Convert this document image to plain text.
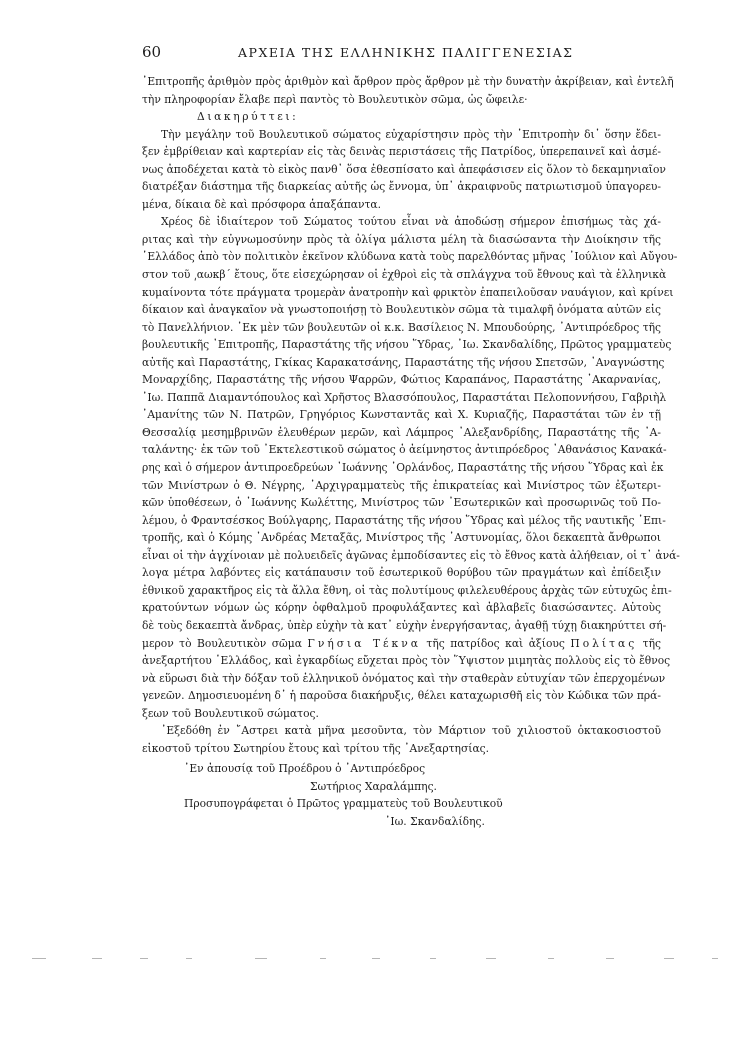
60	ΑΡΧΕΙΑ ΤΗΣ ΕΛΛΗΝΙΚΗΣ ΠΑΛΙΓΓΕΝΕΣΙΑΣ
᾿Επιτροπῆς ἀριθμὸν πρὸς ἀριθμὸν καὶ ἄρθρον πρὸς ἄρθρον μὲ τὴν δυνατὴν ἀκρίβειαν, καὶ ἐντελῆ
τὴν πληροφορίαν ἔλαβε περὶ παντὸς τὸ Βουλευτικὸν σῶμα, ὡς ὤφειλε·
Διακηρύττει:
Τὴν μεγάλην τοῦ Βουλευτικοῦ σώματος εὐχαρίστησιν πρὸς τὴν ᾿Επιτροπὴν δι᾿ ὅσην ἔδει-
ξεν ἐμβρίθειαν καὶ καρτερίαν εἰς τὰς δεινὰς περιστάσεις τῆς Πατρίδος, ὑπερεπαινεῖ καὶ ἀσμέ-
νως ἀποδέχεται κατὰ τὸ εἰκὸς πανθ᾿ ὅσα ἐθεσπίσατο καὶ ἀπεφάσισεν εἰς ὅλον τὸ δεκαμηνιαῖον
διατρέξαν διάστημα τῆς διαρκείας αὐτῆς ὡς ἔννομα, ὑπ᾿ ἀκραιφνοῦς πατριωτισμοῦ ὑπαγορευ-
μένα, δίκαια δὲ καὶ πρόσφορα ἁπαξάπαντα.
Χρέος δὲ ἰδιαίτερον τοῦ Σώματος τούτου εἶναι νὰ ἀποδώσῃ σήμερον ἐπισήμως τὰς χά-
ριτας καὶ τὴν εὐγνωμοσύνην πρὸς τὰ ὀλίγα μάλιστα μέλη τὰ διασώσαντα τὴν Διοίκησιν τῆς
῾Ελλάδος ἀπὸ τὸν πολιτικὸν ἐκεῖνον κλύδωνα κατὰ τοὺς παρελθόντας μῆνας ᾿Ιούλιον καὶ Αὔγου-
στον τοῦ ͵αωκβ´ ἔτους, ὅτε εἰσεχώρησαν οἱ ἐχθροὶ εἰς τὰ σπλάγχνα τοῦ ἔθνους καὶ τὰ ἑλληνικὰ
κυμαίνοντα τότε πράγματα τρομερὰν ἀνατροπὴν καὶ φρικτὸν ἐπαπειλοῦσαν ναυάγιον, καὶ κρίνει
δίκαιον καὶ ἀναγκαῖον νὰ γνωστοποιήσῃ τὸ Βουλευτικὸν σῶμα τὰ τιμαλφῆ ὀνόματα αὐτῶν εἰς
τὸ Πανελλήνιον. ᾿Εκ μὲν τῶν βουλευτῶν οἱ κ.κ. Βασίλειος Ν. Μπουδούρης, ᾿Αντιπρόεδρος τῆς
βουλευτικῆς ᾿Επιτροπῆς, Παραστάτης τῆς νήσου ῞Υδρας, ᾿Ιω. Σκανδαλίδης, Πρῶτος γραμματεὺς
αὐτῆς καὶ Παραστάτης, Γκίκας Καρακατσάνης, Παραστάτης τῆς νήσου Σπετσῶν, ᾿Αναγνώστης
Μοναρχίδης, Παραστάτης τῆς νήσου Ψαρρῶν, Φώτιος Καραπάνος, Παραστάτης ᾿Ακαρνανίας,
᾿Ιω. Παππᾶ Διαμαντόπουλος καὶ Χρῆστος Βλασσόπουλος, Παραστάται Πελοποννήσου, Γαβριὴλ
᾿Αμανίτης τῶν Ν. Πατρῶν, Γρηγόριος Κωνσταντᾶς καὶ Χ. Κυριαζῆς, Παραστάται τῶν ἐν τῇ
Θεσσαλίᾳ μεσημβρινῶν ἐλευθέρων μερῶν, καὶ Λάμπρος ᾿Αλεξανδρίδης, Παραστάτης τῆς ᾿Α-
ταλάντης· ἐκ τῶν τοῦ ᾿Εκτελεστικοῦ σώματος ὁ ἀείμνηστος ἀντιπρόεδρος ᾿Αθανάσιος Κανακά-
ρης καὶ ὁ σήμερον ἀντιπροεδρεύων ᾿Ιωάννης ᾿Ορλάνδος, Παραστάτης τῆς νήσου ῞Υδρας καὶ ἐκ
τῶν Μινίστρων ὁ Θ. Νέγρης, ᾿Αρχιγραμματεὺς τῆς ἐπικρατείας καὶ Μινίστρος τῶν ἐξωτερι-
κῶν ὑποθέσεων, ὁ ᾿Ιωάννης Κωλέττης, Μινίστρος τῶν ᾿Εσωτερικῶν καὶ προσωρινῶς τοῦ Πο-
λέμου, ὁ Φραντσέσκος Βούλγαρης, Παραστάτης τῆς νήσου ῞Υδρας καὶ μέλος τῆς ναυτικῆς ᾿Επι-
τροπῆς, καὶ ὁ Κόμης ᾿Ανδρέας Μεταξᾶς, Μινίστρος τῆς ᾿Αστυνομίας, ὅλοι δεκαεπτὰ ἄνθρωποι
εἶναι οἱ τὴν ἀγχίνοιαν μὲ πολυειδεῖς ἀγῶνας ἐμποδίσαντες εἰς τὸ ἔθνος κατὰ ἀλήθειαν, οἱ τ᾿ ἀνά-
λογα μέτρα λαβόντες εἰς κατάπαυσιν τοῦ ἐσωτερικοῦ θορύβου τῶν πραγμάτων καὶ ἐπίδειξιν
ἐθνικοῦ χαρακτῆρος εἰς τὰ ἄλλα ἔθνη, οἱ τὰς πολυτίμους φιλελευθέρους ἀρχὰς τῶν εὐτυχῶς ἐπι-
κρατούντων νόμων ὡς κόρην ὀφθαλμοῦ προφυλάξαντες καὶ ἀβλαβεῖς διασώσαντες. Αὐτοὺς
δὲ τοὺς δεκαεπτὰ ἄνδρας, ὑπὲρ εὐχὴν τὰ κατ᾿ εὐχὴν ἐνεργήσαντας, ἀγαθῇ τύχῃ διακηρύττει σή-
μερον τὸ Βουλευτικὸν σῶμα Γνήσια Τέκνα τῆς πατρίδος καὶ ἀξίους Πολίτας τῆς
ἀνεξαρτήτου ῾Ελλάδος, καὶ ἐγκαρδίως εὔχεται πρὸς τὸν ῞Υψιστον μιμητὰς πολλοὺς εἰς τὸ ἔθνος
νὰ εὕρωσι διὰ τὴν δόξαν τοῦ ἑλληνικοῦ ὀνόματος καὶ τὴν σταθερὰν εὐτυχίαν τῶν ἐπερχομένων
γενεῶν. Δημοσιευομένη δ᾿ ἡ παροῦσα διακήρυξις, θέλει καταχωρισθῆ εἰς τὸν Κώδικα τῶν πρά-
ξεων τοῦ Βουλευτικοῦ σώματος.
᾿Εξεδόθη ἐν ῎Αστρει κατὰ μῆνα μεσοῦντα, τὸν Μάρτιον τοῦ χιλιοστοῦ ὀκτακοσιοστοῦ
εἰκοστοῦ τρίτου Σωτηρίου ἔτους καὶ τρίτου τῆς ᾿Ανεξαρτησίας.
᾿Εν ἀπουσίᾳ τοῦ Προέδρου ὁ ᾿Αντιπρόεδρος
Σωτήριος Χαραλάμπης.
Προσυπογράφεται ὁ Πρῶτος γραμματεὺς τοῦ Βουλευτικοῦ
᾿Ιω. Σκανδαλίδης.
